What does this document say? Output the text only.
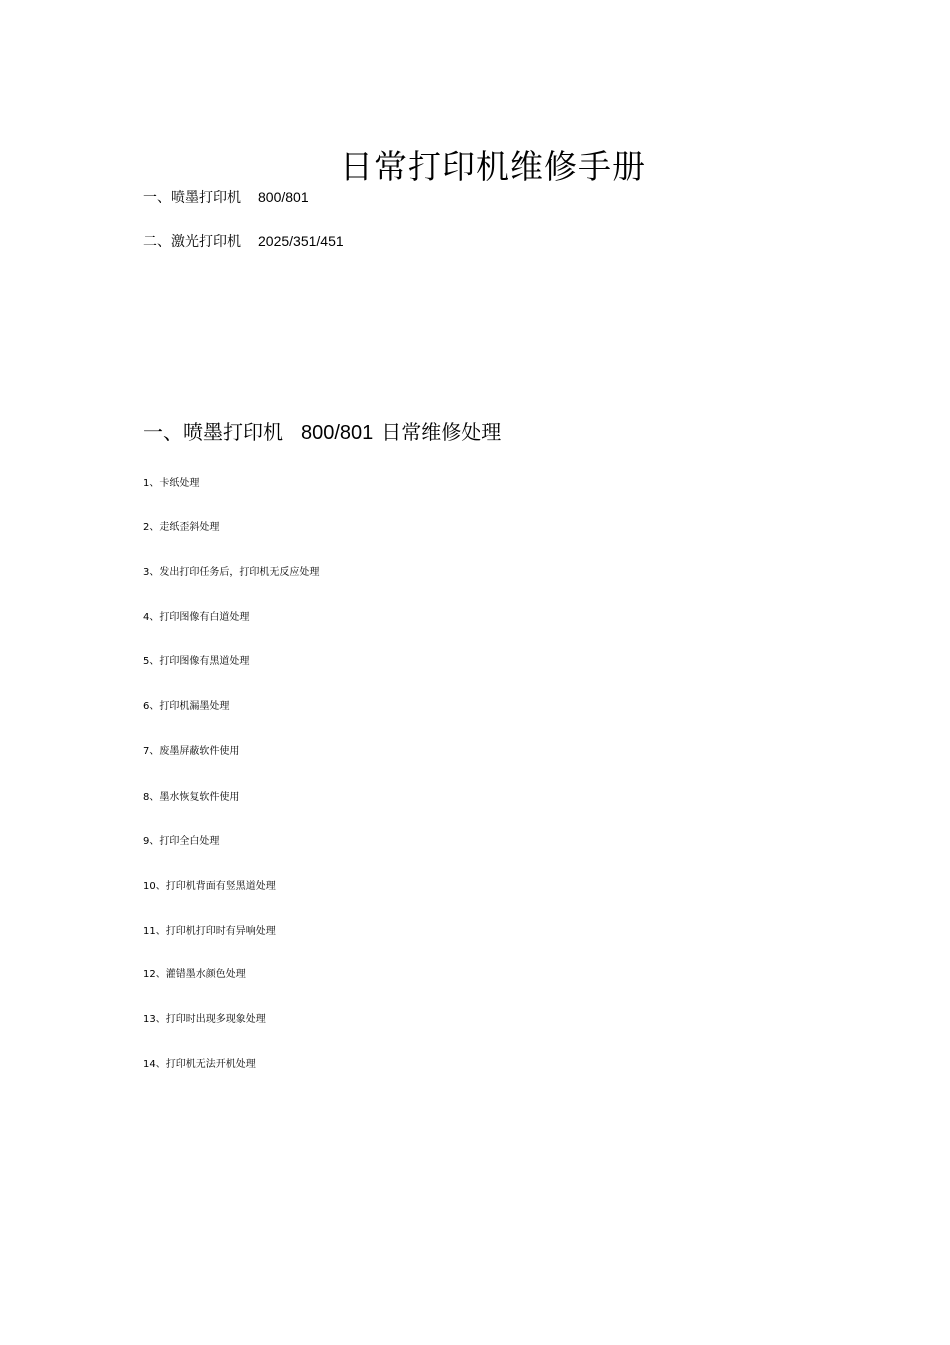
日常打印机维修手册
一、喷墨打印机 800/801
二、激光打印机 2025/351/451
一、喷墨打印机 800/801 日常维修处理
1、卡纸处理
2、走纸歪斜处理
3、发出打印任务后，打印机无反应处理
4、打印图像有白道处理
5、打印图像有黑道处理
6、打印机漏墨处理
7、废墨屏蔽软件使用
8、墨水恢复软件使用
9、打印全白处理
10、打印机背面有竖黑道处理
11、打印机打印时有异响处理
12、灌错墨水颜色处理
13、打印时出现多现象处理
14、打印机无法开机处理
